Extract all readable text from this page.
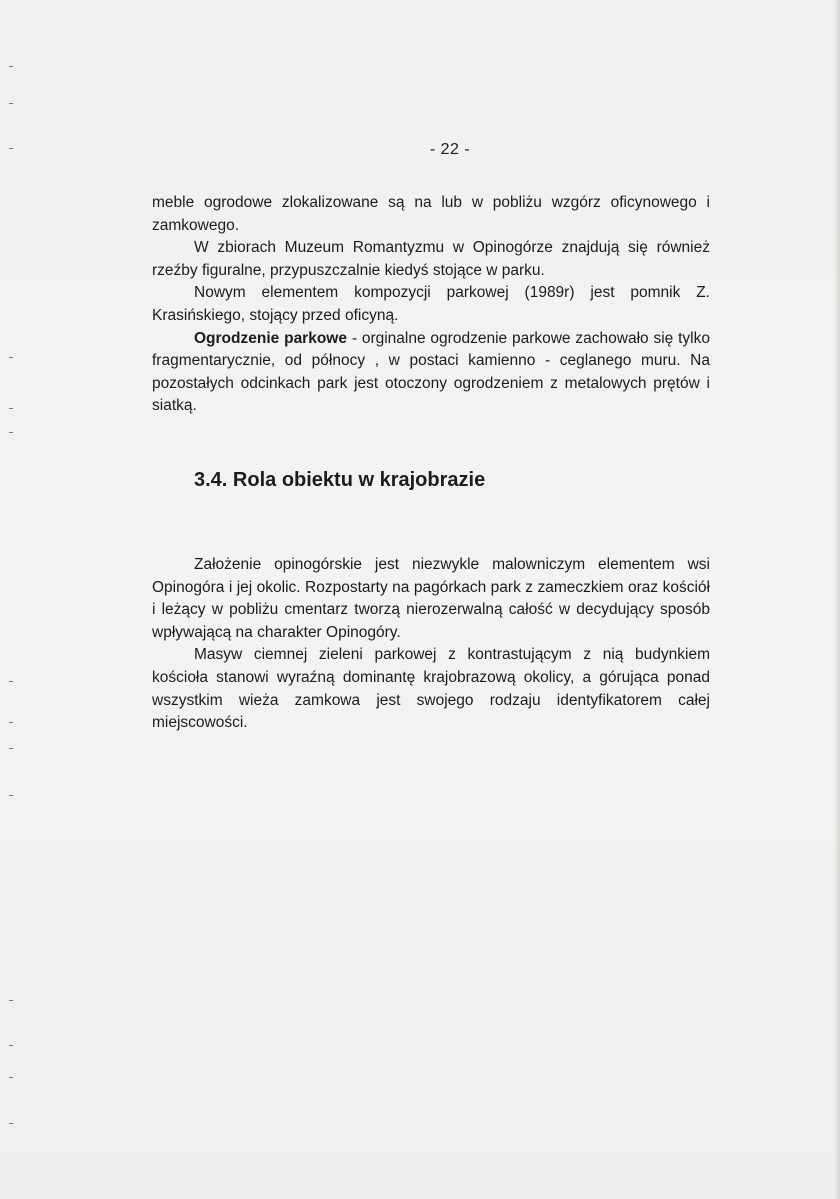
- 22 -

meble ogrodowe zlokalizowane są na lub w pobliżu wzgórz oficynowego i zamkowego.

W zbiorach Muzeum Romantyzmu w Opinogórze znajdują się również rzeźby figuralne, przypuszczalnie kiedyś stojące w parku.

Nowym elementem kompozycji parkowej (1989r) jest pomnik Z. Krasińskiego, stojący przed oficyną.

Ogrodzenie parkowe - orginalne ogrodzenie parkowe zachowało się tylko fragmentarycznie, od północy , w postaci kamienno - ceglanego muru. Na pozostałych odcinkach park jest otoczony ogrodzeniem z metalowych prętów i siatką.

3.4. Rola obiektu w krajobrazie

Założenie opinogórskie jest niezwykle malowniczym elementem wsi Opinogóra i jej okolic. Rozpostarty na pagórkach park z zameczkiem oraz kościół i leżący w pobliżu cmentarz tworzą nierozerwalną całość w decydujący sposób wpływającą na charakter Opinogóry.

Masyw ciemnej zieleni parkowej z kontrastującym z nią budynkiem kościoła stanowi wyraźną dominantę krajobrazową okolicy, a górująca ponad wszystkim wieża zamkowa jest swojego rodzaju identyfikatorem całej miejscowości.
